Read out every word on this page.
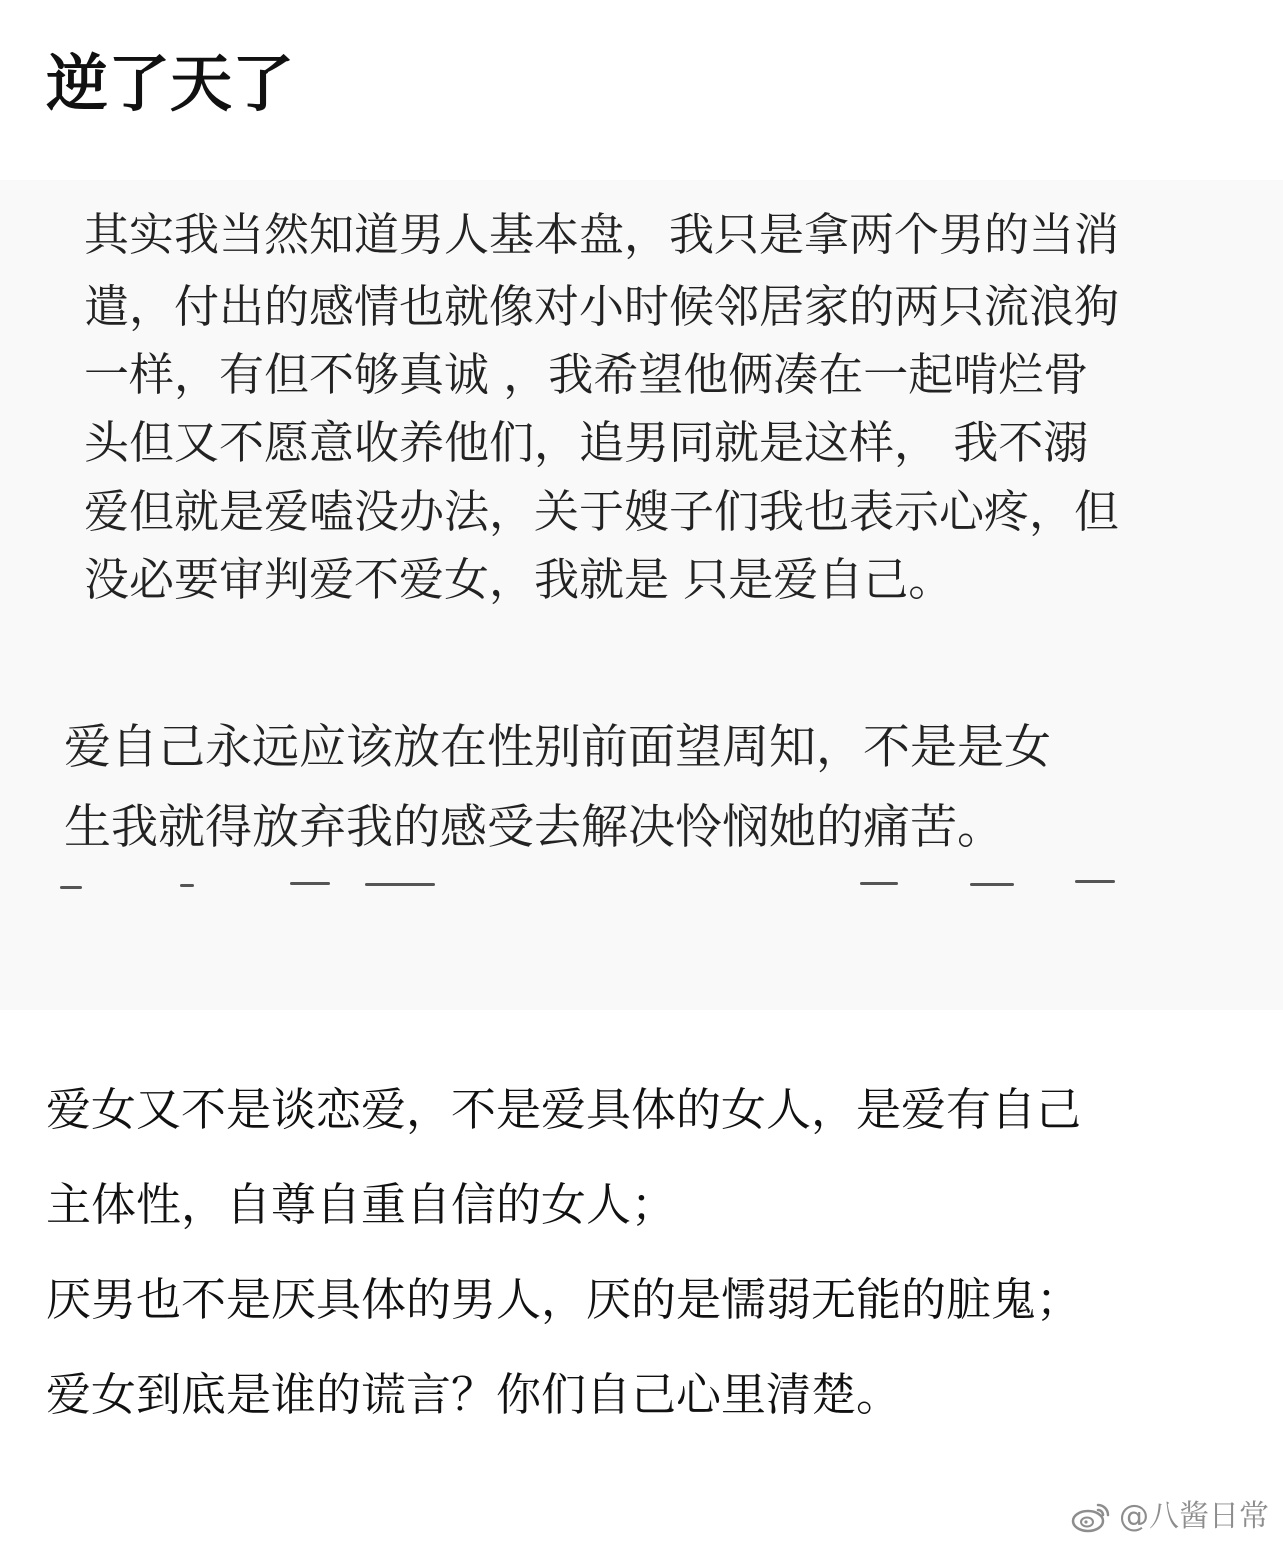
逆了天了
其实我当然知道男人基本盘，我只是拿两个男的当消
遣，付出的感情也就像对小时候邻居家的两只流浪狗
一样，有但不够真诚 ，我希望他俩凑在一起啃烂骨
头但又不愿意收养他们，追男同就是这样， 我不溺
爱但就是爱嗑没办法，关于嫂子们我也表示心疼，但
没必要审判爱不爱女，我就是 只是爱自己。
爱自己永远应该放在性别前面望周知，不是是女
生我就得放弃我的感受去解决怜悯她的痛苦。
爱女又不是谈恋爱，不是爱具体的女人，是爱有自己
主体性，自尊自重自信的女人；
厌男也不是厌具体的男人，厌的是懦弱无能的脏鬼；
爱女到底是谁的谎言？你们自己心里清楚。
@八酱日常
